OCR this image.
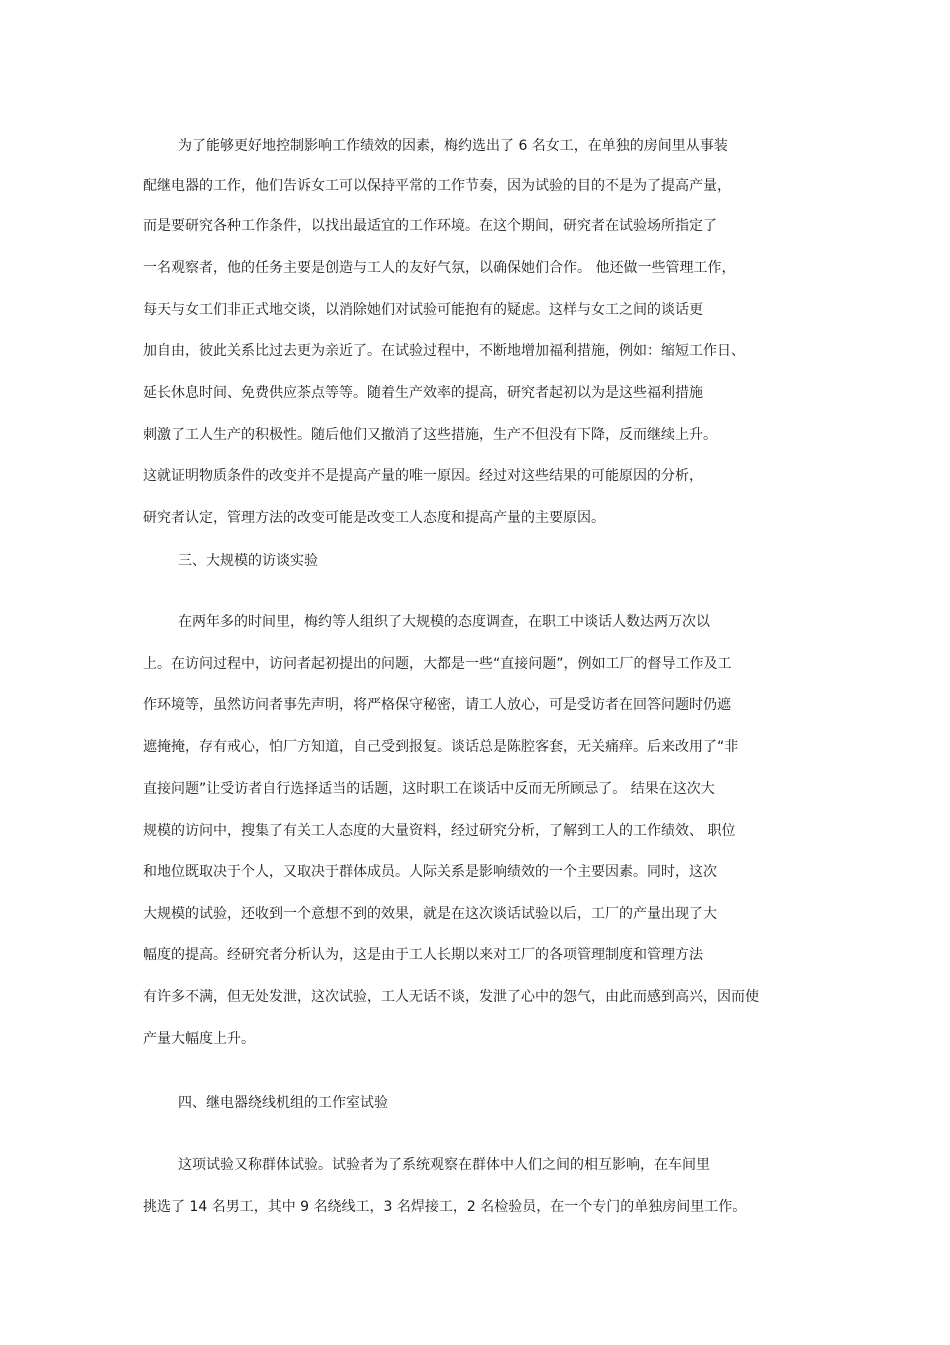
为了能够更好地控制影响工作绩效的因素，梅约选出了 6 名女工，在单独的房间里从事装
配继电器的工作，他们告诉女工可以保持平常的工作节奏，因为试验的目的不是为了提高产量，
而是要研究各种工作条件，以找出最适宜的工作环境。在这个期间，研究者在试验场所指定了
一名观察者，他的任务主要是创造与工人的友好气氛，以确保她们合作。 他还做一些管理工作，
每天与女工们非正式地交谈，以消除她们对试验可能抱有的疑虑。这样与女工之间的谈话更
加自由，彼此关系比过去更为亲近了。在试验过程中，不断地增加福利措施，例如：缩短工作日、
延长休息时间、免费供应茶点等等。随着生产效率的提高，研究者起初以为是这些福利措施
刺激了工人生产的积极性。随后他们又撤消了这些措施，生产不但没有下降，反而继续上升。
这就证明物质条件的改变并不是提高产量的唯一原因。经过对这些结果的可能原因的分析，
研究者认定，管理方法的改变可能是改变工人态度和提高产量的主要原因。
三、大规模的访谈实验
在两年多的时间里，梅约等人组织了大规模的态度调查，在职工中谈话人数达两万次以
上。在访问过程中，访问者起初提出的问题，大都是一些“直接问题”，例如工厂的督导工作及工
作环境等，虽然访问者事先声明，将严格保守秘密，请工人放心，可是受访者在回答问题时仍遮
遮掩掩，存有戒心，怕厂方知道，自己受到报复。谈话总是陈腔客套，无关痛痒。后来改用了“非
直接问题”让受访者自行选择适当的话题，这时职工在谈话中反而无所顾忌了。 结果在这次大
规模的访问中，搜集了有关工人态度的大量资料，经过研究分析，了解到工人的工作绩效、 职位
和地位既取决于个人，又取决于群体成员。人际关系是影响绩效的一个主要因素。同时，这次
大规模的试验，还收到一个意想不到的效果，就是在这次谈话试验以后，工厂的产量出现了大
幅度的提高。经研究者分析认为，这是由于工人长期以来对工厂的各项管理制度和管理方法
有许多不满，但无处发泄，这次试验，工人无话不谈，发泄了心中的怨气，由此而感到高兴，因而使
产量大幅度上升。
四、继电器绕线机组的工作室试验
这项试验又称群体试验。试验者为了系统观察在群体中人们之间的相互影响，在车间里
挑选了 14 名男工，其中 9 名绕线工，3 名焊接工，2 名检验员，在一个专门的单独房间里工作。
